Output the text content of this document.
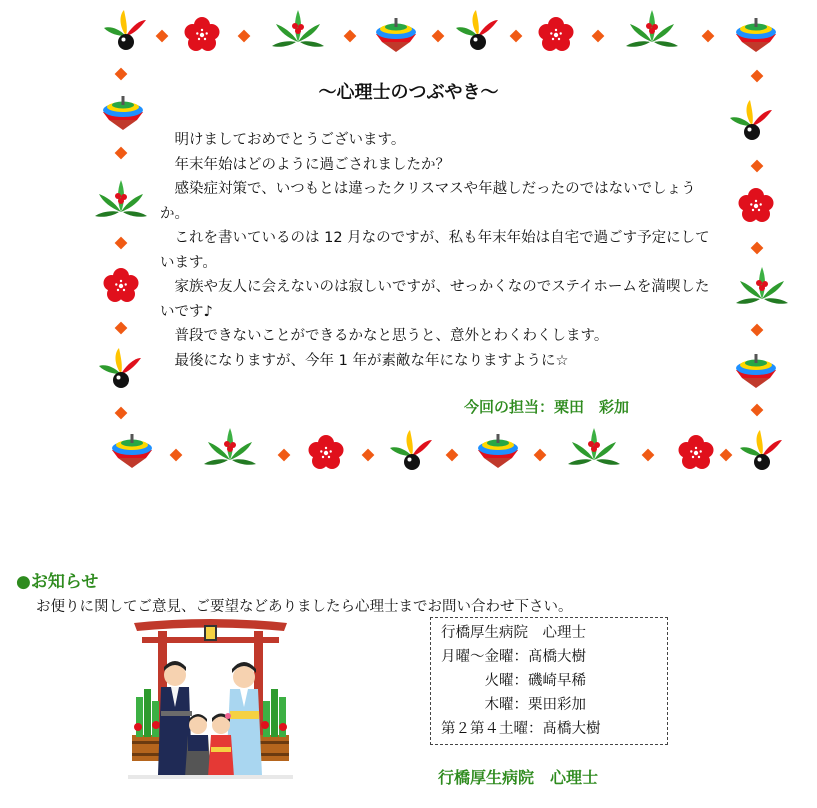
～心理士のつぶやき～

明けましておめでとうございます。

年末年始はどのように過ごされましたか？

感染症対策で、いつもとは違ったクリスマスや年越しだったのではないでしょうか。

これを書いているのは 12 月なのですが、私も年末年始は自宅で過ごす予定にしています。

家族や友人に会えないのは寂しいですが、せっかくなのでステイホームを満喫したいです♪

普段できないことができるかなと思うと、意外とわくわくします。

最後になりますが、今年 1 年が素敵な年になりますように☆

今回の担当：栗田　彩加
●お知らせ
お便りに関してご意見、ご要望などありましたら心理士までお問い合わせ下さい。
行橋厚生病院　心理士
月曜～金曜：髙橋大樹
　　　火曜：磯崎早稀
　　　木曜：栗田彩加
第２第４土曜：髙橋大樹
行橋厚生病院　心理士
